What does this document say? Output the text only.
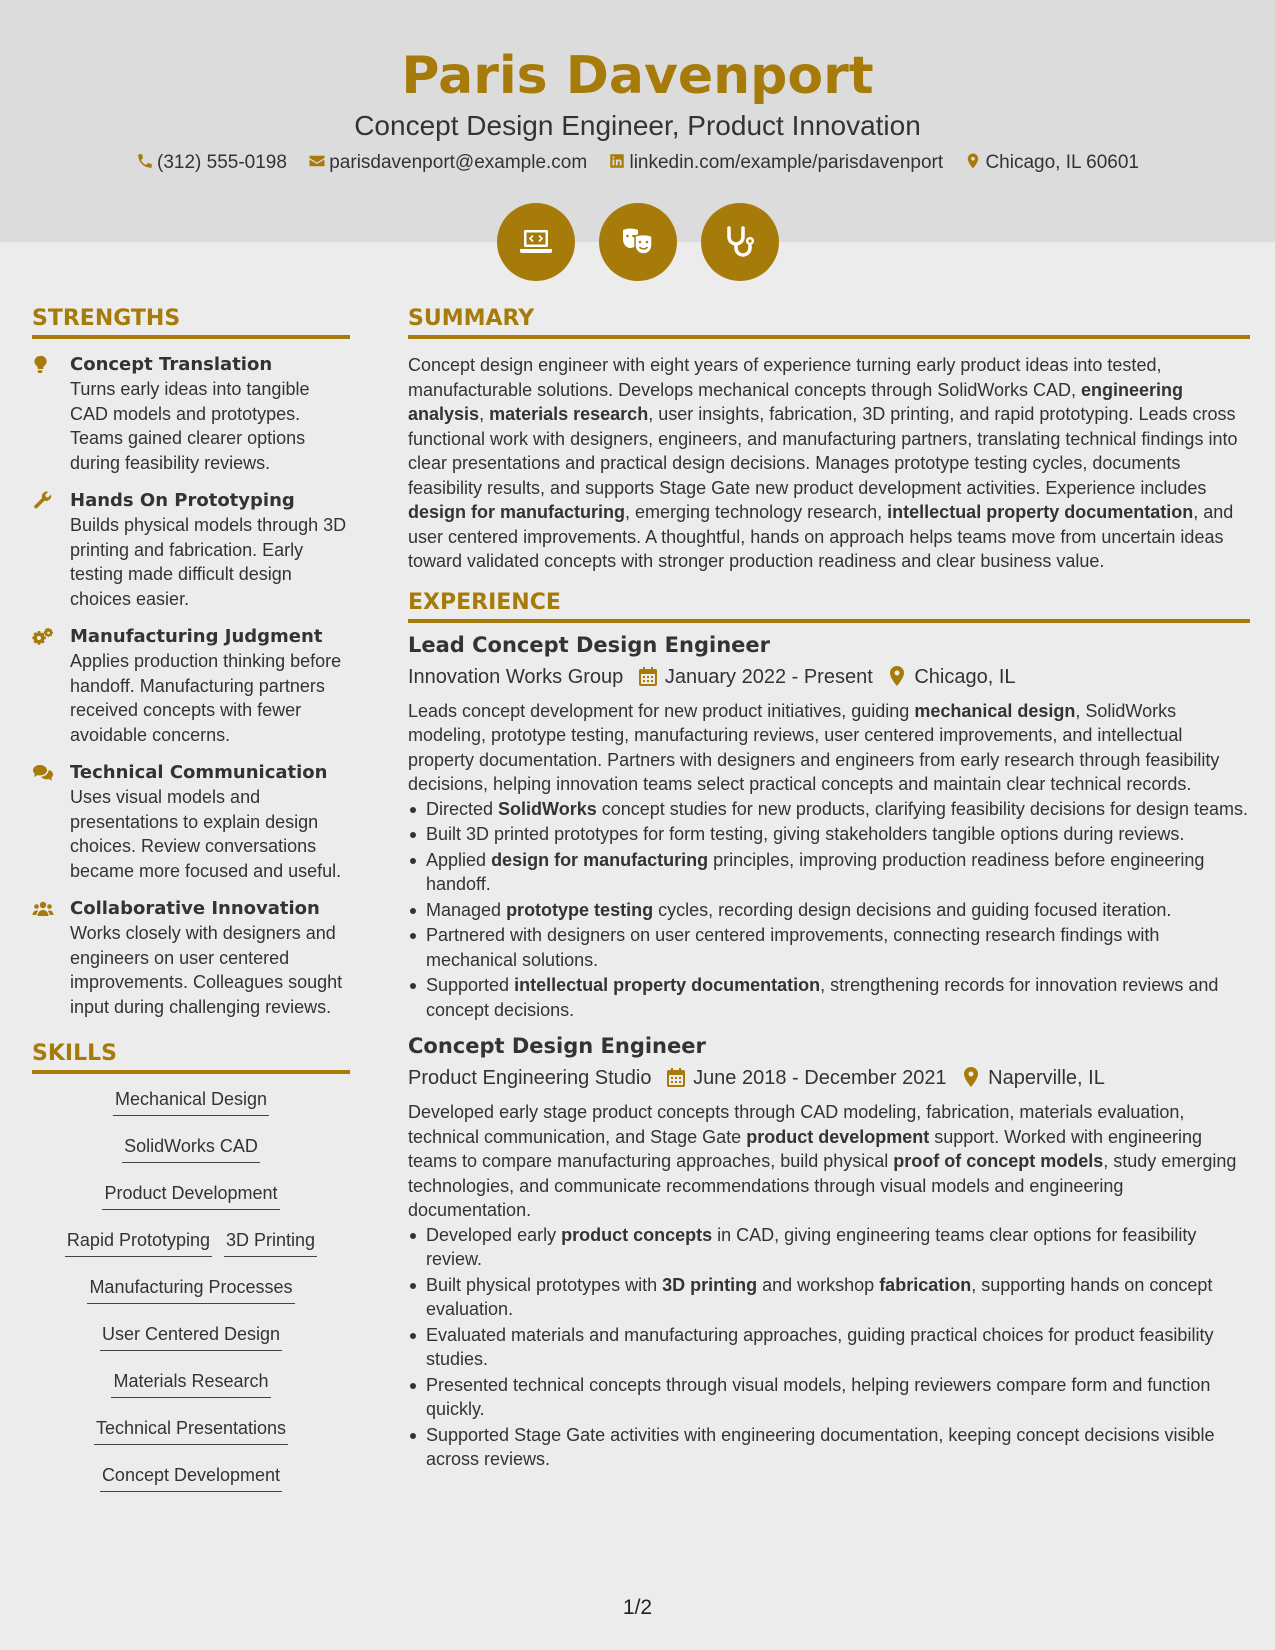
Paris Davenport
Concept Design Engineer, Product Innovation
(312) 555-0198 parisdavenport@example.com linkedin.com/example/parisdavenport Chicago, IL 60601

STRENGTHS
Concept Translation
Turns early ideas into tangible CAD models and prototypes. Teams gained clearer options during feasibility reviews.
Hands On Prototyping
Builds physical models through 3D printing and fabrication. Early testing made difficult design choices easier.
Manufacturing Judgment
Applies production thinking before handoff. Manufacturing partners received concepts with fewer avoidable concerns.
Technical Communication
Uses visual models and presentations to explain design choices. Review conversations became more focused and useful.
Collaborative Innovation
Works closely with designers and engineers on user centered improvements. Colleagues sought input during challenging reviews.
SKILLS
Mechanical Design
SolidWorks CAD
Product Development
Rapid Prototyping 3D Printing
Manufacturing Processes
User Centered Design
Materials Research
Technical Presentations
Concept Development
SUMMARY
Concept design engineer with eight years of experience turning early product ideas into tested, manufacturable solutions. Develops mechanical concepts through SolidWorks CAD, engineering analysis, materials research, user insights, fabrication, 3D printing, and rapid prototyping. Leads cross functional work with designers, engineers, and manufacturing partners, translating technical findings into clear presentations and practical design decisions. Manages prototype testing cycles, documents feasibility results, and supports Stage Gate new product development activities. Experience includes design for manufacturing, emerging technology research, intellectual property documentation, and user centered improvements. A thoughtful, hands on approach helps teams move from uncertain ideas toward validated concepts with stronger production readiness and clear business value.
EXPERIENCE
Lead Concept Design Engineer
Innovation Works Group January 2022 - Present Chicago, IL
Leads concept development for new product initiatives, guiding mechanical design, SolidWorks modeling, prototype testing, manufacturing reviews, user centered improvements, and intellectual property documentation. Partners with designers and engineers from early research through feasibility decisions, helping innovation teams select practical concepts and maintain clear technical records.
Directed SolidWorks concept studies for new products, clarifying feasibility decisions for design teams.
Built 3D printed prototypes for form testing, giving stakeholders tangible options during reviews.
Applied design for manufacturing principles, improving production readiness before engineering handoff.
Managed prototype testing cycles, recording design decisions and guiding focused iteration.
Partnered with designers on user centered improvements, connecting research findings with mechanical solutions.
Supported intellectual property documentation, strengthening records for innovation reviews and concept decisions.
Concept Design Engineer
Product Engineering Studio June 2018 - December 2021 Naperville, IL
Developed early stage product concepts through CAD modeling, fabrication, materials evaluation, technical communication, and Stage Gate product development support. Worked with engineering teams to compare manufacturing approaches, build physical proof of concept models, study emerging technologies, and communicate recommendations through visual models and engineering documentation.
Developed early product concepts in CAD, giving engineering teams clear options for feasibility review.
Built physical prototypes with 3D printing and workshop fabrication, supporting hands on concept evaluation.
Evaluated materials and manufacturing approaches, guiding practical choices for product feasibility studies.
Presented technical concepts through visual models, helping reviewers compare form and function quickly.
Supported Stage Gate activities with engineering documentation, keeping concept decisions visible across reviews.
1/2
